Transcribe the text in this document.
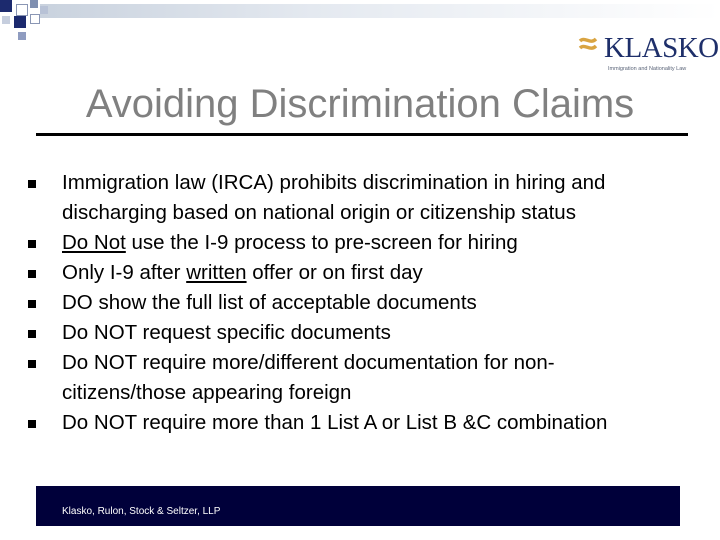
KLASKO
Immigration and Nationality Law
Avoiding Discrimination Claims
Immigration law (IRCA) prohibits discrimination in hiring and
discharging based on national origin or citizenship status
Do Not use the I-9 process to pre-screen for hiring
Only I-9 after written offer or on first day
DO show the full list of acceptable documents
Do NOT request specific documents
Do NOT require more/different documentation for non-
citizens/those appearing foreign
Do NOT require more than 1 List A or List B &C combination
Klasko, Rulon, Stock & Seltzer, LLP
